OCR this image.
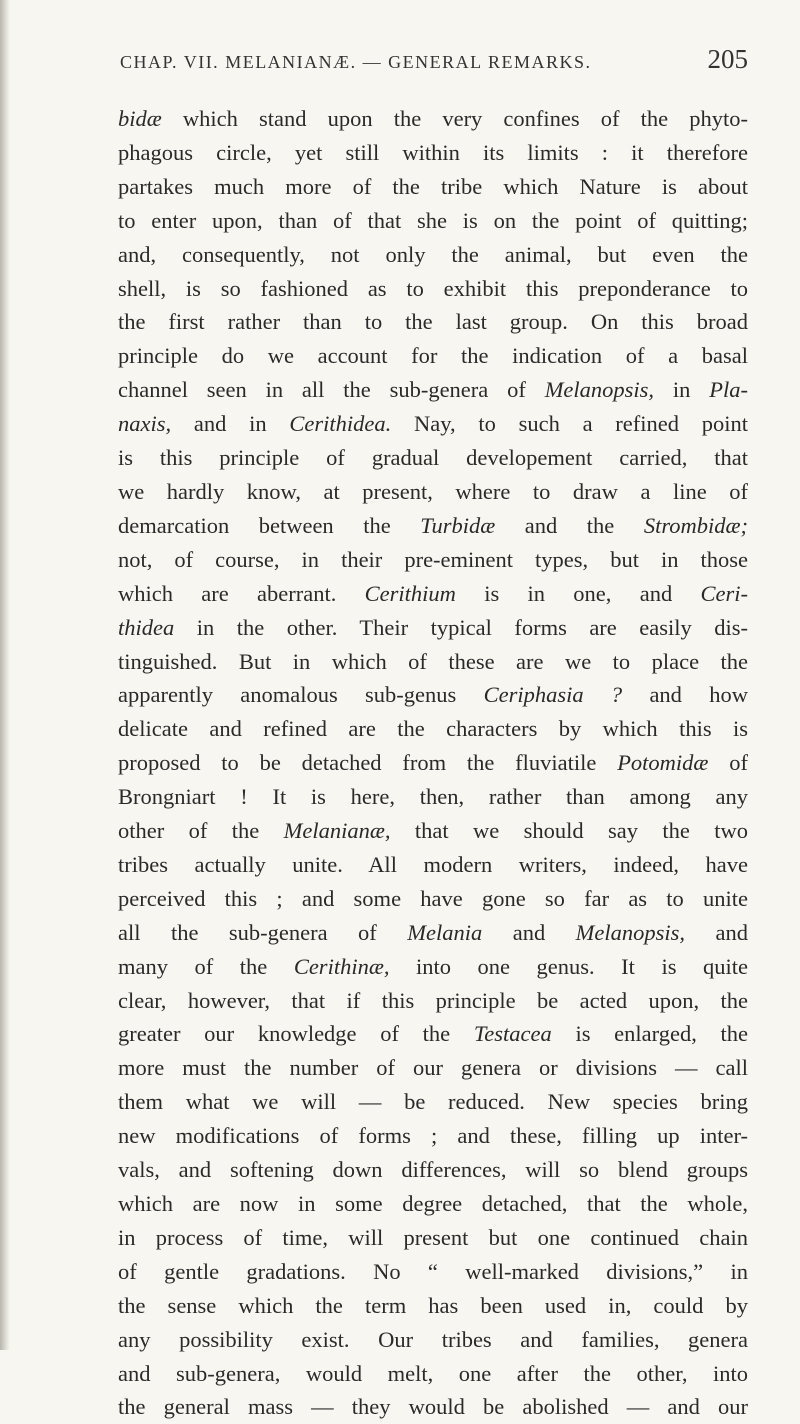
CHAP. VII. MELANIANÆ. — GENERAL REMARKS.	205
bidæ which stand upon the very confines of the phyto-
phagous circle, yet still within its limits : it therefore
partakes much more of the tribe which Nature is about
to enter upon, than of that she is on the point of quitting;
and, consequently, not only the animal, but even the
shell, is so fashioned as to exhibit this preponderance to
the first rather than to the last group. On this broad
principle do we account for the indication of a basal
channel seen in all the sub-genera of Melanopsis, in Pla-
naxis, and in Cerithidea. Nay, to such a refined point
is this principle of gradual developement carried, that
we hardly know, at present, where to draw a line of
demarcation between the Turbidæ and the Strombidæ;
not, of course, in their pre-eminent types, but in those
which are aberrant. Cerithium is in one, and Ceri-
thidea in the other. Their typical forms are easily dis-
tinguished. But in which of these are we to place the
apparently anomalous sub-genus Ceriphasia ? and how
delicate and refined are the characters by which this is
proposed to be detached from the fluviatile Potomidæ of
Brongniart ! It is here, then, rather than among any
other of the Melanianæ, that we should say the two
tribes actually unite. All modern writers, indeed, have
perceived this ; and some have gone so far as to unite
all the sub-genera of Melania and Melanopsis, and
many of the Cerithinæ, into one genus. It is quite
clear, however, that if this principle be acted upon, the
greater our knowledge of the Testacea is enlarged, the
more must the number of our genera or divisions — call
them what we will — be reduced. New species bring
new modifications of forms ; and these, filling up inter-
vals, and softening down differences, will so blend groups
which are now in some degree detached, that the whole,
in process of time, will present but one continued chain
of gentle gradations. No “ well-marked divisions,” in
the sense which the term has been used in, could by
any possibility exist. Our tribes and families, genera
and sub-genera, would melt, one after the other, into
the general mass — they would be abolished — and our
